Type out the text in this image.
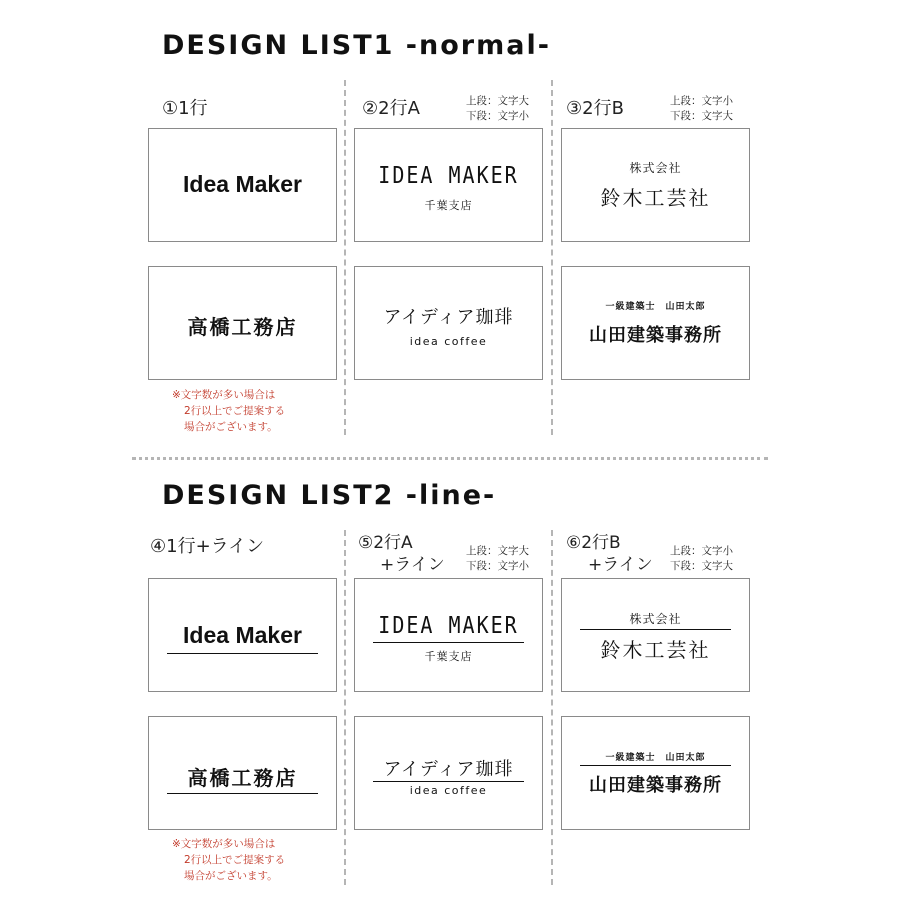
DESIGN LIST1 -normal-
①1行	②2行A	上段：文字大
下段：文字小 ③2行B	上段：文字小
下段：文字大
Idea Maker	IDEA MAKER
千葉支店
株式会社
鈴木工芸社
高橋工務店	アイディア珈琲
idea coffee
一級建築士　山田太郎
山田建築事務所
※文字数が多い場合は
2行以上でご提案する
場合がございます。
DESIGN LIST2 -line-
④1行+ライン	⑤2行A
+ライン
上段：文字大
下段：文字小
⑥2行B
+ライン
上段：文字小
下段：文字大
Idea Maker	IDEA MAKER
千葉支店
株式会社
鈴木工芸社
高橋工務店	アイディア珈琲
idea coffee
一級建築士　山田太郎
山田建築事務所
※文字数が多い場合は
2行以上でご提案する
場合がございます。
